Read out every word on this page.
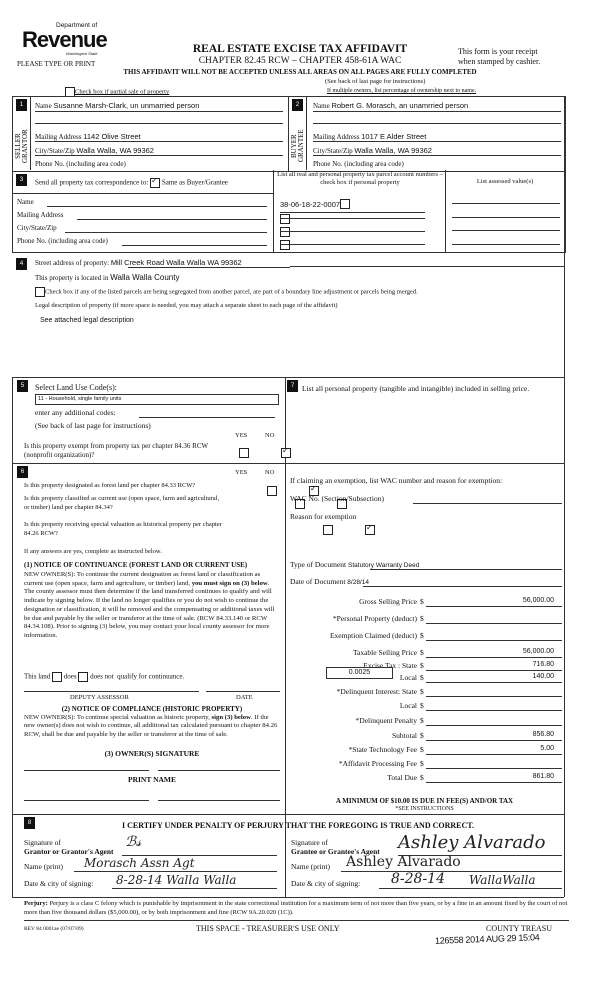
Department of
Revenue
Washington State
PLEASE TYPE OR PRINT
REAL ESTATE EXCISE TAX AFFIDAVIT
CHAPTER 82.45 RCW – CHAPTER 458-61A WAC
This form is your receipt
when stamped by cashier.
THIS AFFIDAVIT WILL NOT BE ACCEPTED UNLESS ALL AREAS ON ALL PAGES ARE FULLY COMPLETED
(See back of last page for instructions)
Check box if partial sale of property	If multiple owners, list percentage of ownership next to name.
1
SELLER
GRANTOR
Name Susanne Marsh-Clark, un unmarried person
Mailing Address 1142 Olive Street
City/State/Zip Walla Walla, WA 99362
Phone No. (including area code)
2
BUYER
GRANTEE
Name Robert G. Morasch, an unamrried person
Mailing Address 1017 E Alder Street
City/State/Zip Walla Walla, WA 99362
Phone No. (including area code)
3	Send all property tax correspondence to: ✓ Same as Buyer/Grantee
Name
Mailing Address
City/State/Zip
Phone No. (including area code)
List all real and personal property tax parcel account numbers – check box if personal property	List assessed value(s)
38-06-18-22-0007
4	Street address of property: Mill Creek Road Walla Walla WA 99362
This property is located in Walla Walla County
Check box if any of the listed parcels are being segregated from another parcel, are part of a boundary line adjustment or parcels being merged.
Legal description of property (if more space is needed, you may attach a separate sheet to each page of the affidavit)
See attached legal description
5	Select Land Use Code(s):
11 - Household, single family units
enter any additional codes:
(See back of last page for instructions)
YES	NO
Is this property exempt from property tax per chapter 84.36 RCW (nonprofit organization)?
✓
7	List all personal property (tangible and intangible) included in selling price.
6	YES	NO
Is this property designated as forest land per chapter 84.33 RCW?
✓
Is this property classified as current use (open space, farm and agricultural, or timber) land per chapter 84.34?

Is this property receiving special valuation as historical property per chapter 84.26 RCW?
✓
If any answers are yes, complete as instructed below.
(1) NOTICE OF CONTINUANCE (FOREST LAND OR CURRENT USE)
NEW OWNER(S): To continue the current designation as forest land or classification as current use (open space, farm and agriculture, or timber) land, you must sign on (3) below. The county assessor must then determine if the land transferred continues to qualify and will indicate by signing below. If the land no longer qualifies or you do not wish to continue the designation or classification, it will be removed and the compensating or additional taxes will be due and payable by the seller or transferor at the time of sale. (RCW 84.33.140 or RCW 84.34.108). Prior to signing (3) below, you may contact your local county assessor for more information.
This land does does not qualify for continuance.
DEPUTY ASSESSOR	DATE
(2) NOTICE OF COMPLIANCE (HISTORIC PROPERTY)
NEW OWNER(S): To continue special valuation as historic property, sign (3) below. If the new owner(s) does not wish to continue, all additional tax calculated pursuant to chapter 84.26 RCW, shall be due and payable by the seller or transferor at the time of sale.
(3) OWNER(S) SIGNATURE
PRINT NAME
If claiming an exemption, list WAC number and reason for exemption:
WAC No. (Section/Subsection)
Reason for exemption
Type of Document Statutory Warranty Deed
Date of Document 8/28/14
Gross Selling Price $	56,000.00
*Personal Property (deduct) $
Exemption Claimed (deduct) $
Taxable Selling Price $	56,000.00
Excise Tax : State $	716.80
Local $	140.00
*Delinquent Interest: State $
Local $
*Delinquent Penalty $
Subtotal $	856.80
*State Technology Fee $	5.00
*Affidavit Processing Fee $
Total Due $	861.80
0.0025
A MINIMUM OF $10.00 IS DUE IN FEE(S) AND/OR TAX
*SEE INSTRUCTIONS
8	I CERTIFY UNDER PENALTY OF PERJURY THAT THE FOREGOING IS TRUE AND CORRECT.
Signature of
Grantor or Grantor's Agent
ℬ𝓈
Name (print) Morasch Assn Agt
Date & city of signing: 8-28-14 Walla Walla
Signature of
Grantee or Grantee's Agent Ashley Alvarado
Name (print) Ashley Alvarado
Date & city of signing: 8-28-14 WallaWalla
Perjury: Perjury is a class C felony which is punishable by imprisonment in the state correctional institution for a maximum term of not more than five years, or by a fine in an amount fixed by the court of not more than five thousand dollars ($5,000.00), or by both imprisonment and fine (RCW 9A.20.020 (1C)).
REV 84 0001ae (07/07/09)	THIS SPACE - TREASURER'S USE ONLY	COUNTY TREASU
126558 2014 AUG 29 15:04
